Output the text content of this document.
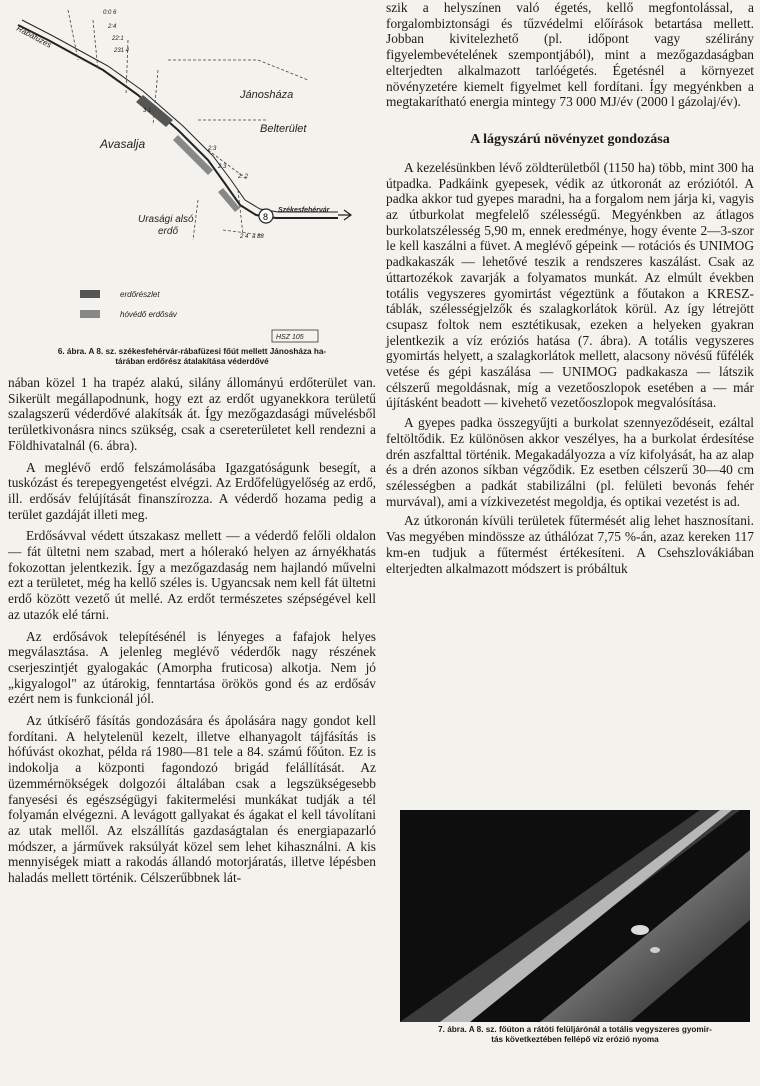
8
Rabafüzes
Jánosháza
Belterület
Avasalja
Urasági alsó
erdő
Székesfehérvár
0:0 6
2:4
22:1
231 4
3 1
2:3
2 3
2: 2
2 4 a 88
erdőrészlet
hóvédő erdősáv
HSZ 105
6. ábra. A 8. sz. székesfehérvár-rábafüzesi főút mellett Jánosháza ha-
tárában erdőrész átalakítása véderdővé

nában közel 1 ha trapéz alakú, silány állományú erdőterület van. Sikerült megállapodnunk, hogy ezt az erdőt ugyanekkora területű szalagszerű véderdővé alakítsák át. Így mezőgazdasági művelésből területkivonásra nincs szükség, csak a csereterületet kell rendezni a Földhivatalnál (6. ábra).

A meglévő erdő felszámolásába Igazgatóságunk besegít, a tuskózást és terepegyengetést elvégzi. Az Erdőfelügyelőség az erdő, ill. erdősáv felújítását finanszírozza. A véderdő hozama pedig a terület gazdáját illeti meg.

Erdősávval védett útszakasz mellett — a véderdő felőli oldalon — fát ültetni nem szabad, mert a hólerakó helyen az árnyékhatás fokozottan jelentkezik. Így a mezőgazdaság nem hajlandó művelni ezt a területet, még ha kellő széles is. Ugyancsak nem kell fát ültetni erdő között vezető út mellé. Az erdőt természetes szépségével kell az utazók elé tárni.

Az erdősávok telepítésénél is lényeges a fafajok helyes megválasztása. A jelenleg meglévő véderdők nagy részének cserjeszintjét gyalogakác (Amorpha fruticosa) alkotja. Nem jó „kigyalogol" az útárokig, fenntartása örökös gond és az erdősáv ezért nem is funkcionál jól.

Az útkísérő fásítás gondozására és ápolására nagy gondot kell fordítani. A helytelenül kezelt, illetve elhanyagolt tájfásítás is hófúvást okozhat, példa rá 1980—81 tele a 84. számú főúton. Ez is indokolja a központi fagondozó brigád felállítását. Az üzemmérnökségek dolgozói általában csak a legszükségesebb fanyesési és egészségügyi fakitermelési munkákat tudják a tél folyamán elvégezni. A levágott gallyakat és ágakat el kell távolítani az utak mellől. Az elszállítás gazdaságtalan és energiapazarló módszer, a járművek raksúlyát közel sem lehet kihasználni. A kis mennyiségek miatt a rakodás állandó motorjáratás, illetve lépésben haladás mellett történik. Célszerűbbnek lát-

szik a helyszínen való égetés, kellő megfontolással, a forgalombiztonsági és tűzvédelmi előírások betartása mellett. Jobban kivitelezhető (pl. időpont vagy szélirány figyelembevételének szempontjából), mint a mezőgazdaságban elterjedten alkalmazott tarlóégetés. Égetésnél a környezet növényzetére kiemelt figyelmet kell fordítani. Így megyénkben a megtakarítható energia mintegy 73 000 MJ/év (2000 l gázolaj/év).

A lágyszárú növényzet gondozása

A kezelésünkben lévő zöldterületből (1150 ha) több, mint 300 ha útpadka. Padkáink gyepesek, védik az útkoronát az eróziótól. A padka akkor tud gyepes maradni, ha a forgalom nem járja ki, vagyis az útburkolat megfelelő szélességű. Megyénkben az átlagos burkolatszélesség 5,90 m, ennek eredménye, hogy évente 2—3-szor le kell kaszálni a füvet. A meglévő gépeink — rotációs és UNIMOG padkakaszák — lehetővé teszik a rendszeres kaszálást. Csak az úttartozékok zavarják a folyamatos munkát. Az elmúlt években totális vegyszeres gyomirtást végeztünk a főutakon a KRESZ-táblák, szélességjelzők és szalagkorlátok körül. Az így létrejött csupasz foltok nem esztétikusak, ezeken a helyeken gyakran jelentkezik a víz eróziós hatása (7. ábra). A totális vegyszeres gyomirtás helyett, a szalagkorlátok mellett, alacsony növésű fűfélék vetése és gépi kaszálása — UNIMOG padkakasza — látszik célszerű megoldásnak, míg a vezetőoszlopok esetében a — már újításként beadott — kivehető vezetőoszlopok megvalósítása.

A gyepes padka összegyűjti a burkolat szennyeződéseit, ezáltal feltöltődik. Ez különösen akkor veszélyes, ha a burkolat érdesítése drén aszfalttal történik. Megakadályozza a víz kifolyását, ha az alap és a drén azonos síkban végződik. Ez esetben célszerű 30—40 cm szélességben a padkát stabilizálni (pl. felületi bevonás fehér murvával), ami a vízkivezetést megoldja, és optikai vezetést is ad.

Az útkoronán kívüli területek fűtermését alig lehet hasznosítani. Vas megyében mindössze az úthálózat 7,75 %-án, azaz kereken 117 km-en tudjuk a fűtermést értékesíteni. A Csehszlovákiában elterjedten alkalmazott módszert is próbáltuk

7. ábra. A 8. sz. főúton a rátóti felüljárónál a totális vegyszeres gyomir-
tás következtében fellépő víz erózió nyoma
